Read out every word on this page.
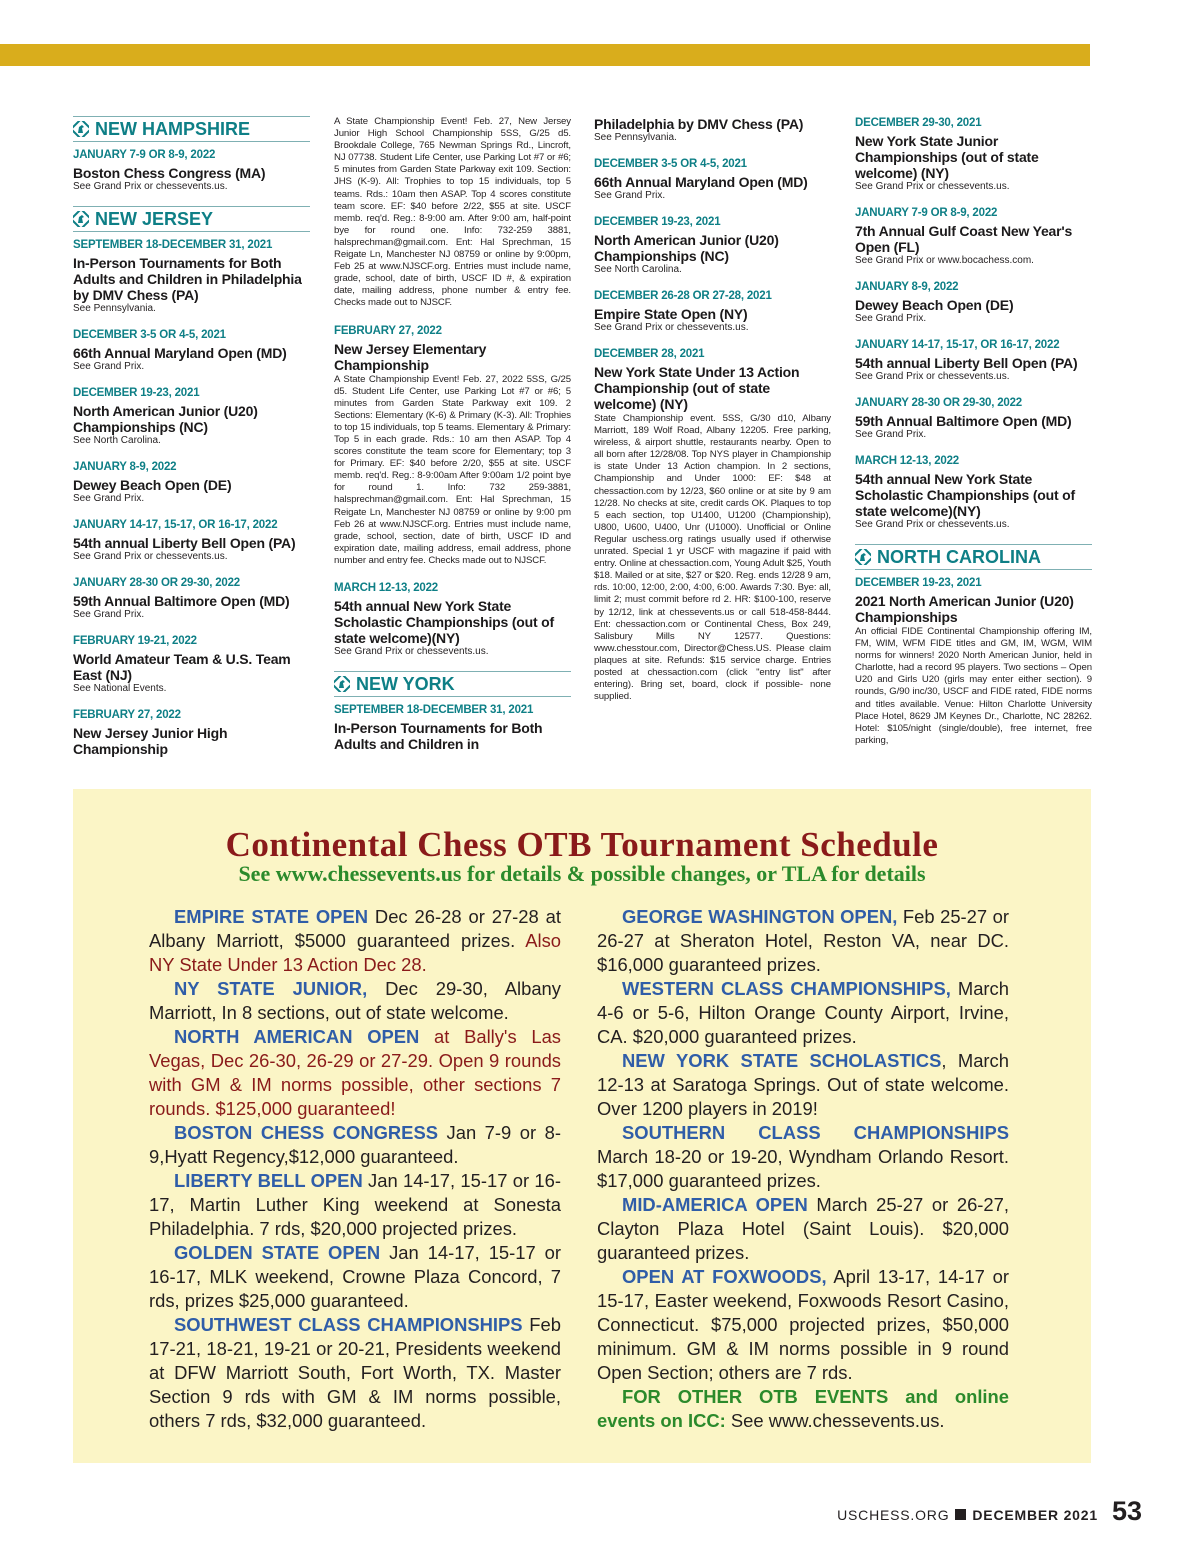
NEW HAMPSHIRE
JANUARY 7-9 OR 8-9, 2022
Boston Chess Congress (MA)
See Grand Prix or chessevents.us.
NEW JERSEY
SEPTEMBER 18-DECEMBER 31, 2021
In-Person Tournaments for Both Adults and Children in Philadelphia by DMV Chess (PA)
See Pennsylvania.
DECEMBER 3-5 OR 4-5, 2021
66th Annual Maryland Open (MD)
See Grand Prix.
DECEMBER 19-23, 2021
North American Junior (U20) Championships (NC)
See North Carolina.
JANUARY 8-9, 2022
Dewey Beach Open (DE)
See Grand Prix.
JANUARY 14-17, 15-17, OR 16-17, 2022
54th annual Liberty Bell Open (PA)
See Grand Prix or chessevents.us.
JANUARY 28-30 OR 29-30, 2022
59th Annual Baltimore Open (MD)
See Grand Prix.
FEBRUARY 19-21, 2022
World Amateur Team & U.S. Team East (NJ)
See National Events.
FEBRUARY 27, 2022
New Jersey Junior High Championship
A State Championship Event! Feb. 27, New Jersey Junior High School Championship 5SS, G/25 d5. Brookdale College, 765 Newman Springs Rd., Lincroft, NJ 07738. Student Life Center, use Parking Lot #7 or #6; 5 minutes from Garden State Parkway exit 109. Section: JHS (K-9). All: Trophies to top 15 individuals, top 5 teams. Rds.: 10am then ASAP. Top 4 scores constitute team score. EF: $40 before 2/22, $55 at site. USCF memb. req'd. Reg.: 8-9:00 am. After 9:00 am, half-point bye for round one. Info: 732-259 3881, halsprechman@gmail.com. Ent: Hal Sprechman, 15 Reigate Ln, Manchester NJ 08759 or online by 9:00pm, Feb 25 at www.NJSCF.org. Entries must include name, grade, school, date of birth, USCF ID #, & expiration date, mailing address, phone number & entry fee. Checks made out to NJSCF.
FEBRUARY 27, 2022
New Jersey Elementary Championship
A State Championship Event! Feb. 27, 2022 5SS, G/25 d5. Student Life Center, use Parking Lot #7 or #6; 5 minutes from Garden State Parkway exit 109. 2 Sections: Elementary (K-6) & Primary (K-3). All: Trophies to top 15 individuals, top 5 teams. Elementary & Primary: Top 5 in each grade. Rds.: 10 am then ASAP. Top 4 scores constitute the team score for Elementary; top 3 for Primary. EF: $40 before 2/20, $55 at site. USCF memb. req'd. Reg.: 8-9:00am After 9:00am 1/2 point bye for round 1. Info: 732 259-3881, halsprechman@gmail.com. Ent: Hal Sprechman, 15 Reigate Ln, Manchester NJ 08759 or online by 9:00 pm Feb 26 at www.NJSCF.org. Entries must include name, grade, school, section, date of birth, USCF ID and expiration date, mailing address, email address, phone number and entry fee. Checks made out to NJSCF.
MARCH 12-13, 2022
54th annual New York State Scholastic Championships (out of state welcome)(NY)
See Grand Prix or chessevents.us.
NEW YORK
SEPTEMBER 18-DECEMBER 31, 2021
In-Person Tournaments for Both Adults and Children in
Philadelphia by DMV Chess (PA)
See Pennsylvania.
DECEMBER 3-5 OR 4-5, 2021
66th Annual Maryland Open (MD)
See Grand Prix.
DECEMBER 19-23, 2021
North American Junior (U20) Championships (NC)
See North Carolina.
DECEMBER 26-28 OR 27-28, 2021
Empire State Open (NY)
See Grand Prix or chessevents.us.
DECEMBER 28, 2021
New York State Under 13 Action Championship (out of state welcome) (NY)
State Championship event. 5SS, G/30 d10, Albany Marriott, 189 Wolf Road, Albany 12205. Free parking, wireless, & airport shuttle, restaurants nearby. Open to all born after 12/28/08. Top NYS player in Championship is state Under 13 Action champion. In 2 sections, Championship and Under 1000: EF: $48 at chessaction.com by 12/23, $60 online or at site by 9 am 12/28. No checks at site, credit cards OK. Plaques to top 5 each section, top U1400, U1200 (Championship), U800, U600, U400, Unr (U1000). Unofficial or Online Regular uschess.org ratings usually used if otherwise unrated. Special 1 yr USCF with magazine if paid with entry. Online at chessaction.com, Young Adult $25, Youth $18. Mailed or at site, $27 or $20. Reg. ends 12/28 9 am, rds. 10:00, 12:00, 2:00, 4:00, 6:00. Awards 7:30. Bye: all, limit 2; must commit before rd 2. HR: $100-100, reserve by 12/12, link at chessevents.us or call 518-458-8444. Ent: chessaction.com or Continental Chess, Box 249, Salisbury Mills NY 12577. Questions: www.chesstour.com, Director@Chess.US. Please claim plaques at site. Refunds: $15 service charge. Entries posted at chessaction.com (click "entry list" after entering). Bring set, board, clock if possible- none supplied.
DECEMBER 29-30, 2021
New York State Junior Championships (out of state welcome) (NY)
See Grand Prix or chessevents.us.
JANUARY 7-9 OR 8-9, 2022
7th Annual Gulf Coast New Year's Open (FL)
See Grand Prix or www.bocachess.com.
JANUARY 8-9, 2022
Dewey Beach Open (DE)
See Grand Prix.
JANUARY 14-17, 15-17, OR 16-17, 2022
54th annual Liberty Bell Open (PA)
See Grand Prix or chessevents.us.
JANUARY 28-30 OR 29-30, 2022
59th Annual Baltimore Open (MD)
See Grand Prix.
MARCH 12-13, 2022
54th annual New York State Scholastic Championships (out of state welcome)(NY)
See Grand Prix or chessevents.us.
NORTH CAROLINA
DECEMBER 19-23, 2021
2021 North American Junior (U20) Championships
An official FIDE Continental Championship offering IM, FM, WIM, WFM FIDE titles and GM, IM, WGM, WIM norms for winners! 2020 North American Junior, held in Charlotte, had a record 95 players. Two sections – Open U20 and Girls U20 (girls may enter either section). 9 rounds, G/90 inc/30, USCF and FIDE rated, FIDE norms and titles available. Venue: Hilton Charlotte University Place Hotel, 8629 JM Keynes Dr., Charlotte, NC 28262. Hotel: $105/night (single/double), free internet, free parking,
Continental Chess OTB Tournament Schedule
See www.chessevents.us for details & possible changes, or TLA for details

EMPIRE STATE OPEN Dec 26-28 or 27-28 at Albany Marriott, $5000 guaranteed prizes. Also NY State Under 13 Action Dec 28.

NY STATE JUNIOR, Dec 29-30, Albany Marriott, In 8 sections, out of state welcome.

NORTH AMERICAN OPEN at Bally's Las Vegas, Dec 26-30, 26-29 or 27-29. Open 9 rounds with GM & IM norms possible, other sections 7 rounds. $125,000 guaranteed!

BOSTON CHESS CONGRESS Jan 7-9 or 8-9,Hyatt Regency,$12,000 guaranteed.

LIBERTY BELL OPEN Jan 14-17, 15-17 or 16-17, Martin Luther King weekend at Sonesta Philadelphia. 7 rds, $20,000 projected prizes.

GOLDEN STATE OPEN Jan 14-17, 15-17 or 16-17, MLK weekend, Crowne Plaza Concord, 7 rds, prizes $25,000 guaranteed.

SOUTHWEST CLASS CHAMPIONSHIPS Feb 17-21, 18-21, 19-21 or 20-21, Presidents weekend at DFW Marriott South, Fort Worth, TX. Master Section 9 rds with GM & IM norms possible, others 7 rds, $32,000 guaranteed.

GEORGE WASHINGTON OPEN, Feb 25-27 or 26-27 at Sheraton Hotel, Reston VA, near DC. $16,000 guaranteed prizes.

WESTERN CLASS CHAMPIONSHIPS, March 4-6 or 5-6, Hilton Orange County Airport, Irvine, CA. $20,000 guaranteed prizes.

NEW YORK STATE SCHOLASTICS, March 12-13 at Saratoga Springs. Out of state welcome. Over 1200 players in 2019!

SOUTHERN CLASS CHAMPIONSHIPS March 18-20 or 19-20, Wyndham Orlando Resort. $17,000 guaranteed prizes.

MID-AMERICA OPEN March 25-27 or 26-27, Clayton Plaza Hotel (Saint Louis). $20,000 guaranteed prizes.

OPEN AT FOXWOODS, April 13-17, 14-17 or 15-17, Easter weekend, Foxwoods Resort Casino, Connecticut. $75,000 projected prizes, $50,000 minimum. GM & IM norms possible in 9 round Open Section; others are 7 rds.

FOR OTHER OTB EVENTS and online events on ICC: See www.chessevents.us.

USCHESS.ORG DECEMBER 2021 53
